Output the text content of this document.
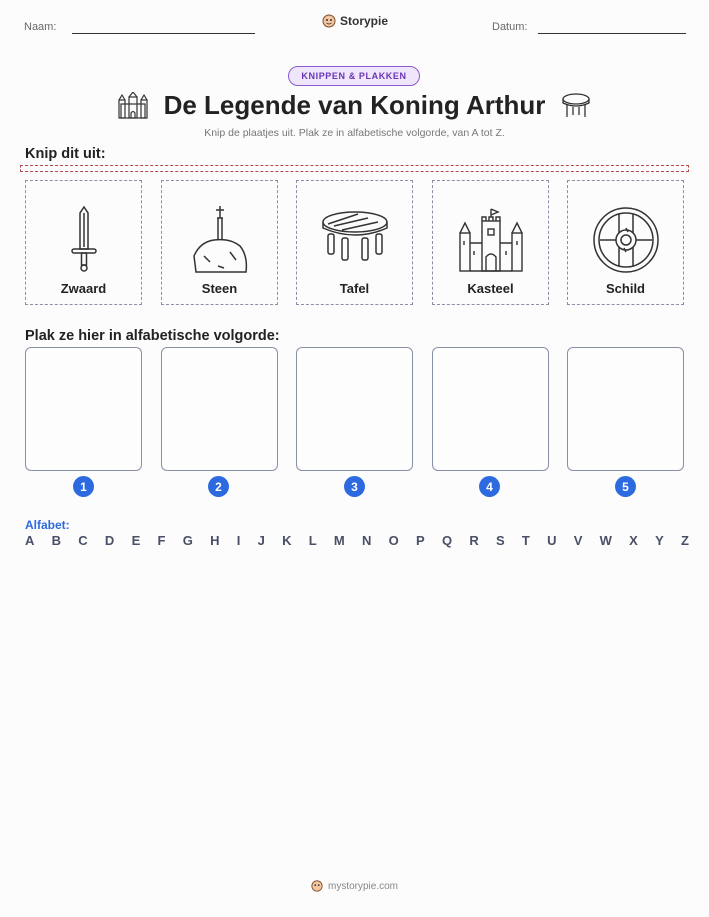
Naam:	Storypie	Datum:
KNIPPEN & PLAKKEN
De Legende van Koning Arthur
Knip de plaatjes uit. Plak ze in alfabetische volgorde, van A tot Z.
Knip dit uit:
Zwaard	Steen	Tafel	Kasteel	Schild
Plak ze hier in alfabetische volgorde:
1	2	3	4	5
Alfabet:
A B C D E F G H I J K L M N O P Q R S T U V W X Y Z
mystorypie.com
